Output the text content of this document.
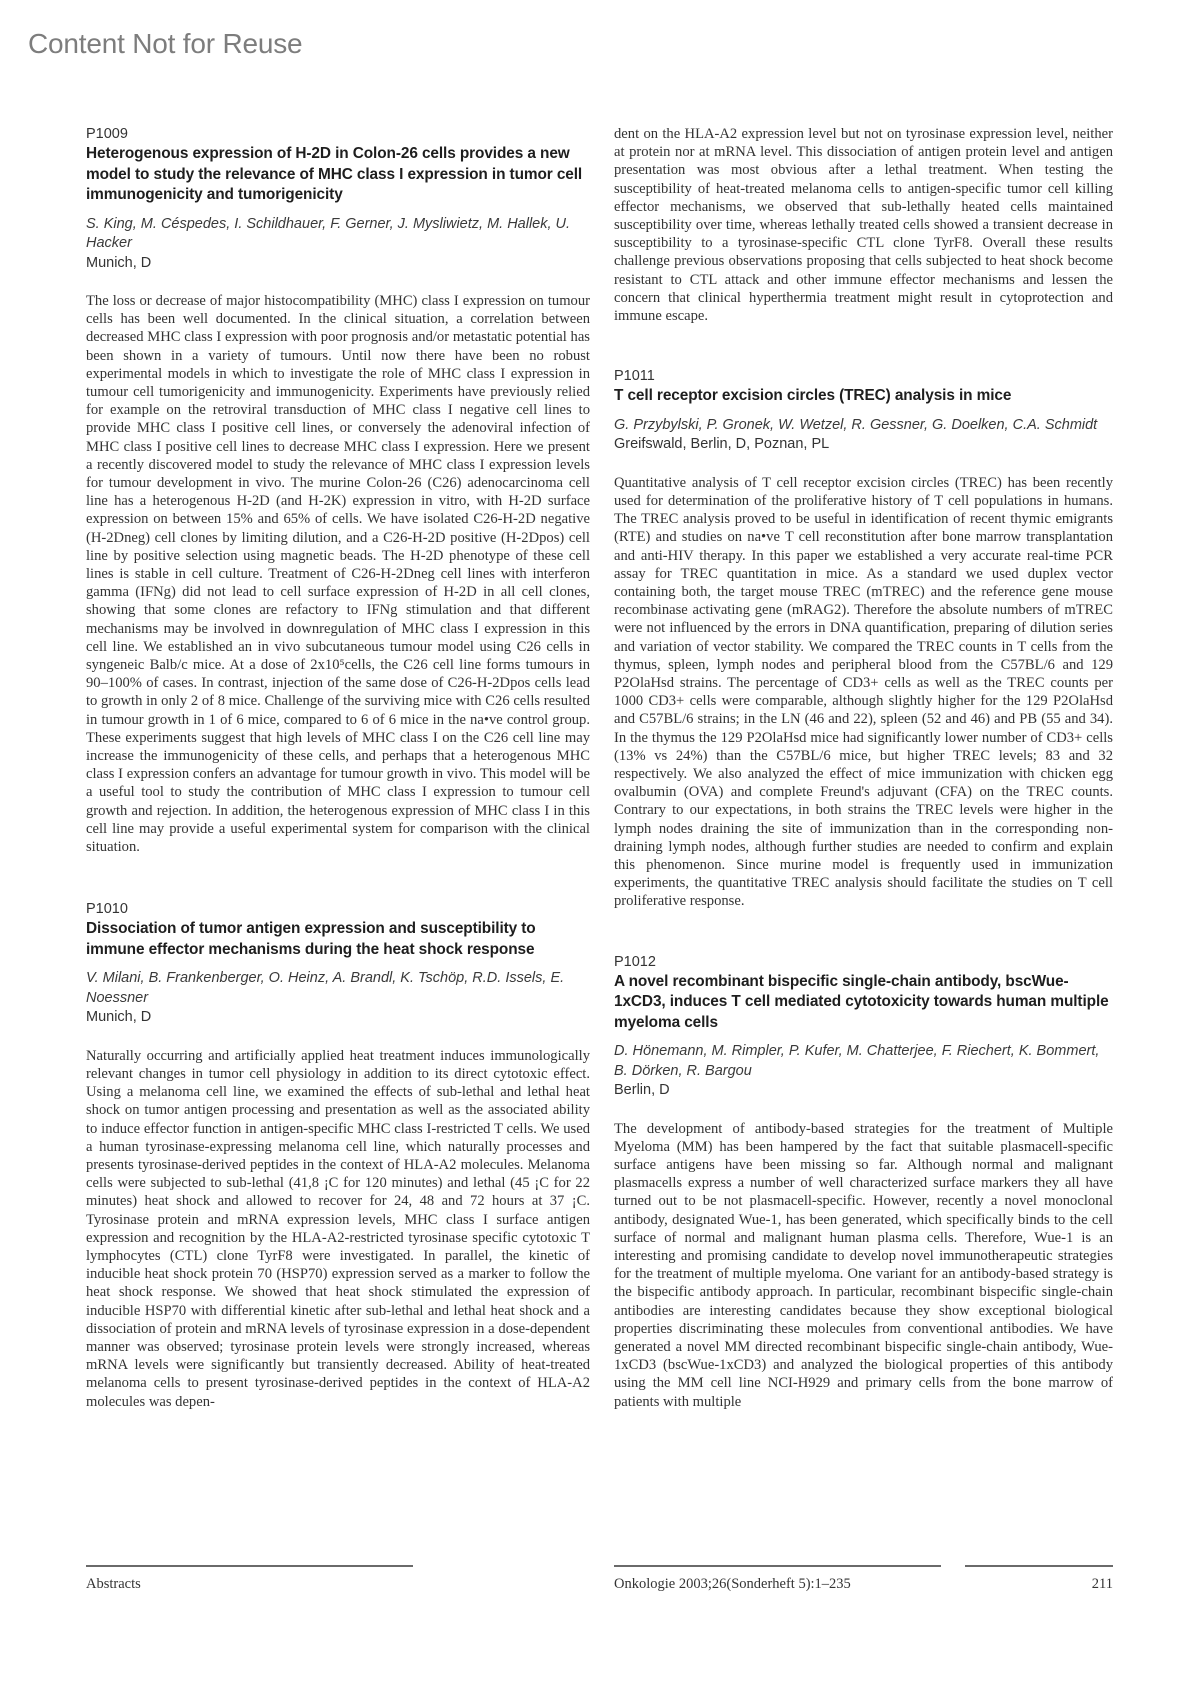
Content Not for Reuse
P1009
Heterogenous expression of H-2D in Colon-26 cells provides a new model to study the relevance of MHC class I expression in tumor cell immunogenicity and tumorigenicity
S. King, M. Céspedes, I. Schildhauer, F. Gerner, J. Mysliwietz, M. Hallek, U. Hacker
Munich, D
The loss or decrease of major histocompatibility (MHC) class I expression on tumour cells has been well documented. In the clinical situation, a correlation between decreased MHC class I expression with poor prognosis and/or metastatic potential has been shown in a variety of tumours. Until now there have been no robust experimental models in which to investigate the role of MHC class I expression in tumour cell tumorigenicity and immunogenicity. Experiments have previously relied for example on the retroviral transduction of MHC class I negative cell lines to provide MHC class I positive cell lines, or conversely the adenoviral infection of MHC class I positive cell lines to decrease MHC class I expression. Here we present a recently discovered model to study the relevance of MHC class I expression levels for tumour development in vivo. The murine Colon-26 (C26) adenocarcinoma cell line has a heterogenous H-2D (and H-2K) expression in vitro, with H-2D surface expression on between 15% and 65% of cells. We have isolated C26-H-2D negative (H-2Dneg) cell clones by limiting dilution, and a C26-H-2D positive (H-2Dpos) cell line by positive selection using magnetic beads. The H-2D phenotype of these cell lines is stable in cell culture. Treatment of C26-H-2Dneg cell lines with interferon gamma (IFNg) did not lead to cell surface expression of H-2D in all cell clones, showing that some clones are refactory to IFNg stimulation and that different mechanisms may be involved in downregulation of MHC class I expression in this cell line. We established an in vivo subcutaneous tumour model using C26 cells in syngeneic Balb/c mice. At a dose of 2x10⁵cells, the C26 cell line forms tumours in 90–100% of cases. In contrast, injection of the same dose of C26-H-2Dpos cells lead to growth in only 2 of 8 mice. Challenge of the surviving mice with C26 cells resulted in tumour growth in 1 of 6 mice, compared to 6 of 6 mice in the na•ve control group. These experiments suggest that high levels of MHC class I on the C26 cell line may increase the immunogenicity of these cells, and perhaps that a heterogenous MHC class I expression confers an advantage for tumour growth in vivo. This model will be a useful tool to study the contribution of MHC class I expression to tumour cell growth and rejection. In addition, the heterogenous expression of MHC class I in this cell line may provide a useful experimental system for comparison with the clinical situation.
P1010
Dissociation of tumor antigen expression and susceptibility to immune effector mechanisms during the heat shock response
V. Milani, B. Frankenberger, O. Heinz, A. Brandl, K. Tschöp, R.D. Issels, E. Noessner
Munich, D
Naturally occurring and artificially applied heat treatment induces immunologically relevant changes in tumor cell physiology in addition to its direct cytotoxic effect. Using a melanoma cell line, we examined the effects of sub-lethal and lethal heat shock on tumor antigen processing and presentation as well as the associated ability to induce effector function in antigen-specific MHC class I-restricted T cells. We used a human tyrosinase-expressing melanoma cell line, which naturally processes and presents tyrosinase-derived peptides in the context of HLA-A2 molecules. Melanoma cells were subjected to sub-lethal (41,8 ¡C for 120 minutes) and lethal (45 ¡C for 22 minutes) heat shock and allowed to recover for 24, 48 and 72 hours at 37 ¡C. Tyrosinase protein and mRNA expression levels, MHC class I surface antigen expression and recognition by the HLA-A2-restricted tyrosinase specific cytotoxic T lymphocytes (CTL) clone TyrF8 were investigated. In parallel, the kinetic of inducible heat shock protein 70 (HSP70) expression served as a marker to follow the heat shock response. We showed that heat shock stimulated the expression of inducible HSP70 with differential kinetic after sub-lethal and lethal heat shock and a dissociation of protein and mRNA levels of tyrosinase expression in a dose-dependent manner was observed; tyrosinase protein levels were strongly increased, whereas mRNA levels were significantly but transiently decreased. Ability of heat-treated melanoma cells to present tyrosinase-derived peptides in the context of HLA-A2 molecules was depen-
dent on the HLA-A2 expression level but not on tyrosinase expression level, neither at protein nor at mRNA level. This dissociation of antigen protein level and antigen presentation was most obvious after a lethal treatment. When testing the susceptibility of heat-treated melanoma cells to antigen-specific tumor cell killing effector mechanisms, we observed that sub-lethally heated cells maintained susceptibility over time, whereas lethally treated cells showed a transient decrease in susceptibility to a tyrosinase-specific CTL clone TyrF8. Overall these results challenge previous observations proposing that cells subjected to heat shock become resistant to CTL attack and other immune effector mechanisms and lessen the concern that clinical hyperthermia treatment might result in cytoprotection and immune escape.
P1011
T cell receptor excision circles (TREC) analysis in mice
G. Przybylski, P. Gronek, W. Wetzel, R. Gessner, G. Doelken, C.A. Schmidt
Greifswald, Berlin, D, Poznan, PL
Quantitative analysis of T cell receptor excision circles (TREC) has been recently used for determination of the proliferative history of T cell populations in humans. The TREC analysis proved to be useful in identification of recent thymic emigrants (RTE) and studies on na•ve T cell reconstitution after bone marrow transplantation and anti-HIV therapy. In this paper we established a very accurate real-time PCR assay for TREC quantitation in mice. As a standard we used duplex vector containing both, the target mouse TREC (mTREC) and the reference gene mouse recombinase activating gene (mRAG2). Therefore the absolute numbers of mTREC were not influenced by the errors in DNA quantification, preparing of dilution series and variation of vector stability. We compared the TREC counts in T cells from the thymus, spleen, lymph nodes and peripheral blood from the C57BL/6 and 129 P2OlaHsd strains. The percentage of CD3+ cells as well as the TREC counts per 1000 CD3+ cells were comparable, although slightly higher for the 129 P2OlaHsd and C57BL/6 strains; in the LN (46 and 22), spleen (52 and 46) and PB (55 and 34). In the thymus the 129 P2OlaHsd mice had significantly lower number of CD3+ cells (13% vs 24%) than the C57BL/6 mice, but higher TREC levels; 83 and 32 respectively. We also analyzed the effect of mice immunization with chicken egg ovalbumin (OVA) and complete Freund's adjuvant (CFA) on the TREC counts. Contrary to our expectations, in both strains the TREC levels were higher in the lymph nodes draining the site of immunization than in the corresponding non-draining lymph nodes, although further studies are needed to confirm and explain this phenomenon. Since murine model is frequently used in immunization experiments, the quantitative TREC analysis should facilitate the studies on T cell proliferative response.
P1012
A novel recombinant bispecific single-chain antibody, bscWue-1xCD3, induces T cell mediated cytotoxicity towards human multiple myeloma cells
D. Hönemann, M. Rimpler, P. Kufer, M. Chatterjee, F. Riechert, K. Bommert, B. Dörken, R. Bargou
Berlin, D
The development of antibody-based strategies for the treatment of Multiple Myeloma (MM) has been hampered by the fact that suitable plasmacell-specific surface antigens have been missing so far. Although normal and malignant plasmacells express a number of well characterized surface markers they all have turned out to be not plasmacell-specific. However, recently a novel monoclonal antibody, designated Wue-1, has been generated, which specifically binds to the cell surface of normal and malignant human plasma cells. Therefore, Wue-1 is an interesting and promising candidate to develop novel immunotherapeutic strategies for the treatment of multiple myeloma. One variant for an antibody-based strategy is the bispecific antibody approach. In particular, recombinant bispecific single-chain antibodies are interesting candidates because they show exceptional biological properties discriminating these molecules from conventional antibodies. We have generated a novel MM directed recombinant bispecific single-chain antibody, Wue-1xCD3 (bscWue-1xCD3) and analyzed the biological properties of this antibody using the MM cell line NCI-H929 and primary cells from the bone marrow of patients with multiple
Abstracts	Onkologie 2003;26(Sonderheft 5):1–235	211
